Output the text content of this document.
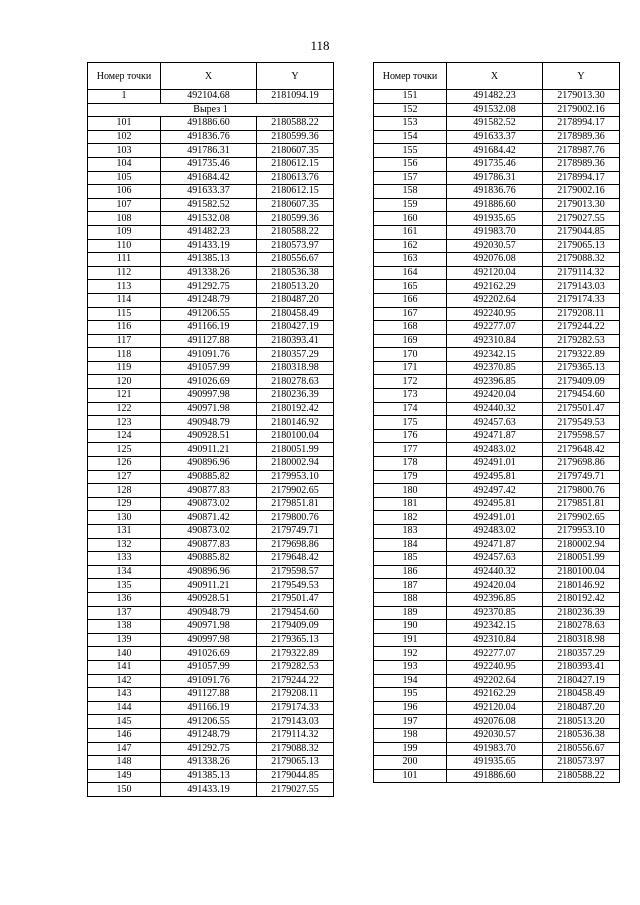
118
Номер точки	X	Y
1	492104.68	2181094.19
Вырез 1		
101	491886.60	2180588.22
102	491836.76	2180599.36
103	491786.31	2180607.35
104	491735.46	2180612.15
105	491684.42	2180613.76
106	491633.37	2180612.15
107	491582.52	2180607.35
108	491532.08	2180599.36
109	491482.23	2180588.22
110	491433.19	2180573.97
111	491385.13	2180556.67
112	491338.26	2180536.38
113	491292.75	2180513.20
114	491248.79	2180487.20
115	491206.55	2180458.49
116	491166.19	2180427.19
117	491127.88	2180393.41
118	491091.76	2180357.29
119	491057.99	2180318.98
120	491026.69	2180278.63
121	490997.98	2180236.39
122	490971.98	2180192.42
123	490948.79	2180146.92
124	490928.51	2180100.04
125	490911.21	2180051.99
126	490896.96	2180002.94
127	490885.82	2179953.10
128	490877.83	2179902.65
129	490873.02	2179851.81
130	490871.42	2179800.76
131	490873.02	2179749.71
132	490877.83	2179698.86
133	490885.82	2179648.42
134	490896.96	2179598.57
135	490911.21	2179549.53
136	490928.51	2179501.47
137	490948.79	2179454.60
138	490971.98	2179409.09
139	490997.98	2179365.13
140	491026.69	2179322.89
141	491057.99	2179282.53
142	491091.76	2179244.22
143	491127.88	2179208.11
144	491166.19	2179174.33
145	491206.55	2179143.03
146	491248.79	2179114.32
147	491292.75	2179088.32
148	491338.26	2179065.13
149	491385.13	2179044.85
150	491433.19	2179027.55
Номер точки	X	Y
151	491482.23	2179013.30
152	491532.08	2179002.16
153	491582.52	2178994.17
154	491633.37	2178989.36
155	491684.42	2178987.76
156	491735.46	2178989.36
157	491786.31	2178994.17
158	491836.76	2179002.16
159	491886.60	2179013.30
160	491935.65	2179027.55
161	491983.70	2179044.85
162	492030.57	2179065.13
163	492076.08	2179088.32
164	492120.04	2179114.32
165	492162.29	2179143.03
166	492202.64	2179174.33
167	492240.95	2179208.11
168	492277.07	2179244.22
169	492310.84	2179282.53
170	492342.15	2179322.89
171	492370.85	2179365.13
172	492396.85	2179409.09
173	492420.04	2179454.60
174	492440.32	2179501.47
175	492457.63	2179549.53
176	492471.87	2179598.57
177	492483.02	2179648.42
178	492491.01	2179698.86
179	492495.81	2179749.71
180	492497.42	2179800.76
181	492495.81	2179851.81
182	492491.01	2179902.65
183	492483.02	2179953.10
184	492471.87	2180002.94
185	492457.63	2180051.99
186	492440.32	2180100.04
187	492420.04	2180146.92
188	492396.85	2180192.42
189	492370.85	2180236.39
190	492342.15	2180278.63
191	492310.84	2180318.98
192	492277.07	2180357.29
193	492240.95	2180393.41
194	492202.64	2180427.19
195	492162.29	2180458.49
196	492120.04	2180487.20
197	492076.08	2180513.20
198	492030.57	2180536.38
199	491983.70	2180556.67
200	491935.65	2180573.97
101	491886.60	2180588.22
